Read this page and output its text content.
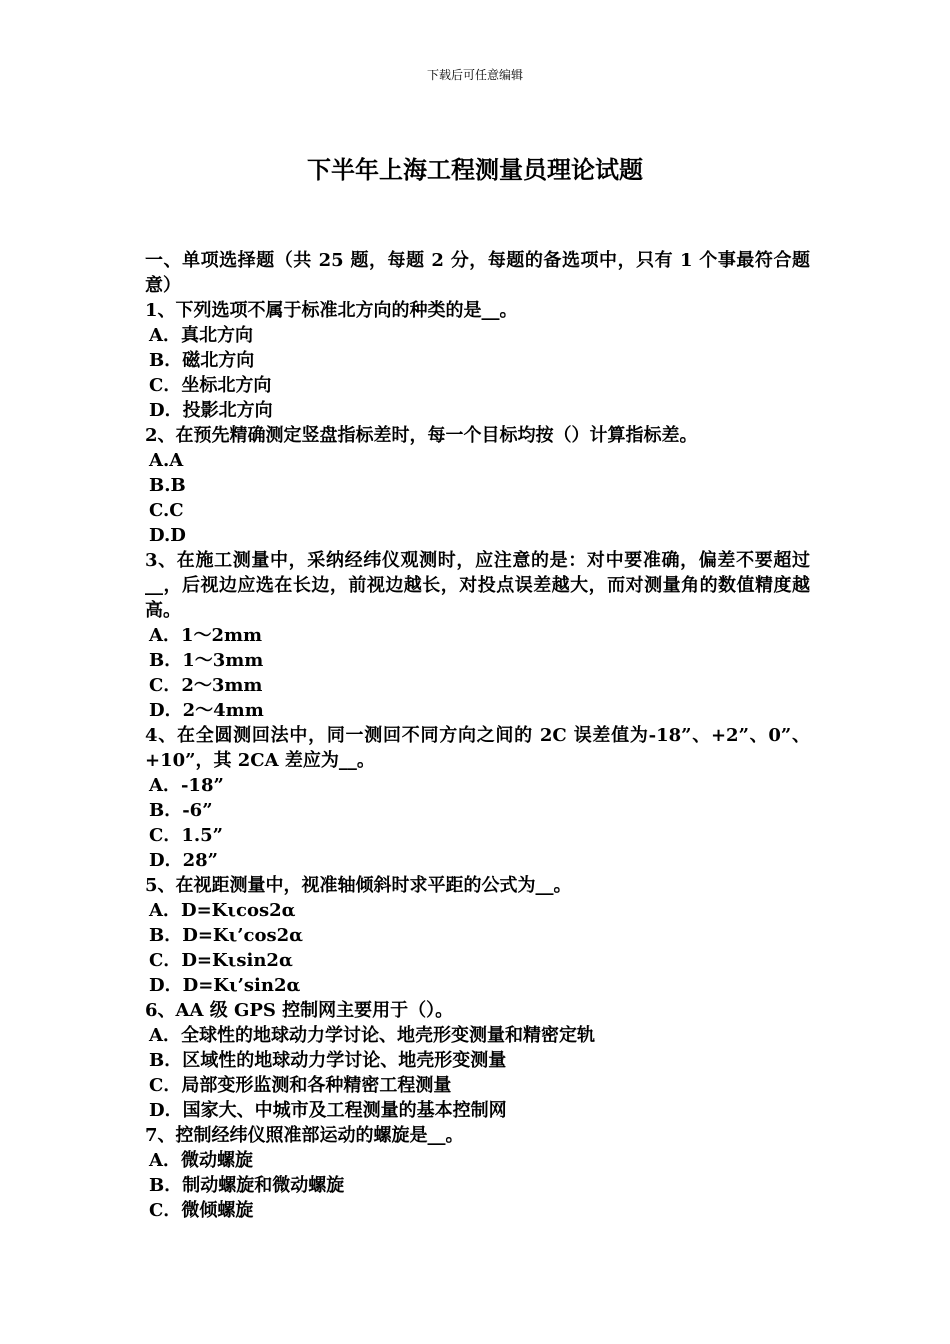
下载后可任意编辑
下半年上海工程测量员理论试题

一、单项选择题（共 25 题，每题 2 分，每题的备选项中，只有 1 个事最符合题意）

1、下列选项不属于标准北方向的种类的是__。

A．真北方向

B．磁北方向

C．坐标北方向

D．投影北方向

2、在预先精确测定竖盘指标差时，每一个目标均按（）计算指标差。

A.A

B.B

C.C

D.D

3、在施工测量中，采纳经纬仪观测时，应注意的是：对中要准确，偏差不要超过__，后视边应选在长边，前视边越长，对投点误差越大，而对测量角的数值精度越高。

A．1～2mm

B．1～3mm

C．2～3mm

D．2～4mm

4、在全圆测回法中，同一测回不同方向之间的 2C 误差值为-18”、+2”、0”、+10”，其 2CA 差应为__。

A．-18”

B．-6”

C．1.5”

D．28”

5、在视距测量中，视准轴倾斜时求平距的公式为__。

A．D=Kιcos2α

B．D=Kι’cos2α

C．D=Kιsin2α

D．D=Kι’sin2α

6、AA 级 GPS 控制网主要用于（）。

A．全球性的地球动力学讨论、地壳形变测量和精密定轨

B．区域性的地球动力学讨论、地壳形变测量

C．局部变形监测和各种精密工程测量

D．国家大、中城市及工程测量的基本控制网

7、控制经纬仪照准部运动的螺旋是__。

A．微动螺旋

B．制动螺旋和微动螺旋

C．微倾螺旋
